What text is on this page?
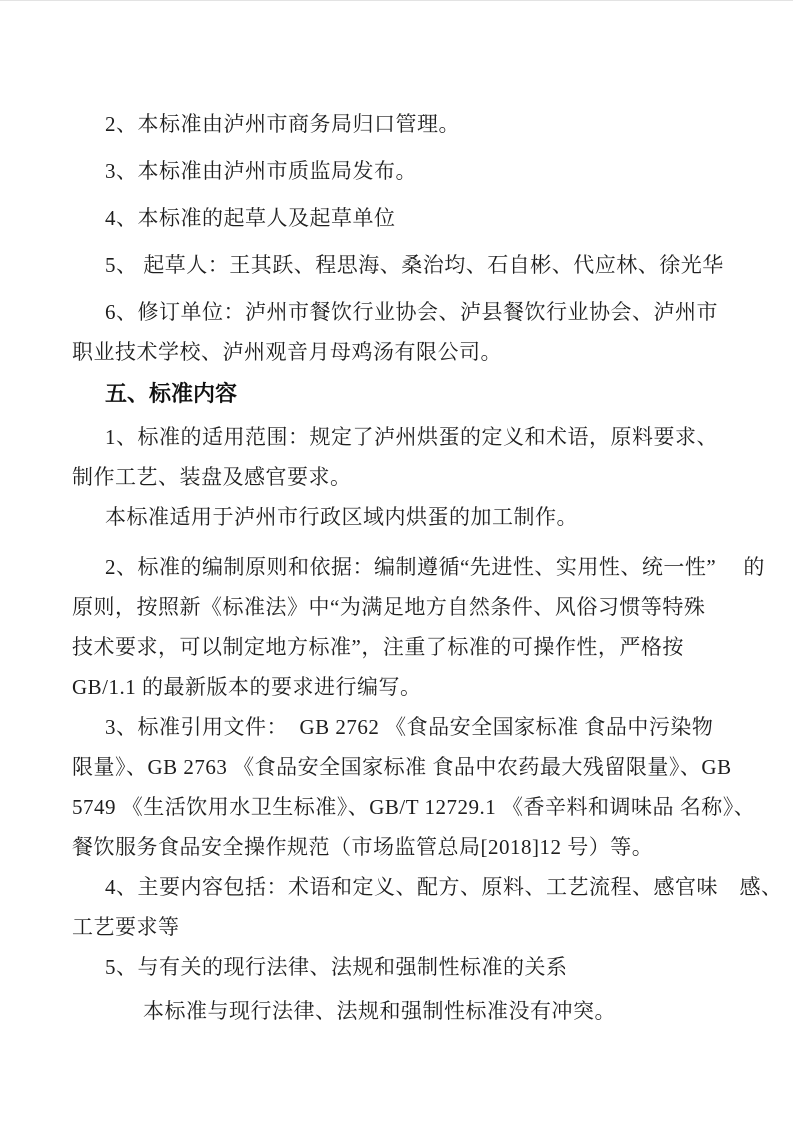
2、本标准由泸州市商务局归口管理。
3、本标准由泸州市质监局发布。
4、本标准的起草人及起草单位
5、 起草人：王其跃、程思海、桑治均、石自彬、代应林、徐光华
6、修订单位：泸州市餐饮行业协会、泸县餐饮行业协会、泸州市
职业技术学校、泸州观音月母鸡汤有限公司。
五、标准内容
1、标准的适用范围：规定了泸州烘蛋的定义和术语，原料要求、
制作工艺、装盘及感官要求。
本标准适用于泸州市行政区域内烘蛋的加工制作。
2、标准的编制原则和依据：编制遵循“先进性、实用性、统一性”　 的
原则，按照新《标准法》中“为满足地方自然条件、风俗习惯等特殊
技术要求，可以制定地方标准”，注重了标准的可操作性，严格按
GB/1.1 的最新版本的要求进行编写。
3、标准引用文件：  GB 2762 《食品安全国家标准 食品中污染物
限量》、GB 2763 《食品安全国家标准 食品中农药最大残留限量》、GB
5749 《生活饮用水卫生标准》、GB/T 12729.1 《香辛料和调味品 名称》、
餐饮服务食品安全操作规范（市场监管总局[2018]12 号）等。
4、主要内容包括：术语和定义、配方、原料、工艺流程、感官味　感、
工艺要求等
5、与有关的现行法律、法规和强制性标准的关系
本标准与现行法律、法规和强制性标准没有冲突。
